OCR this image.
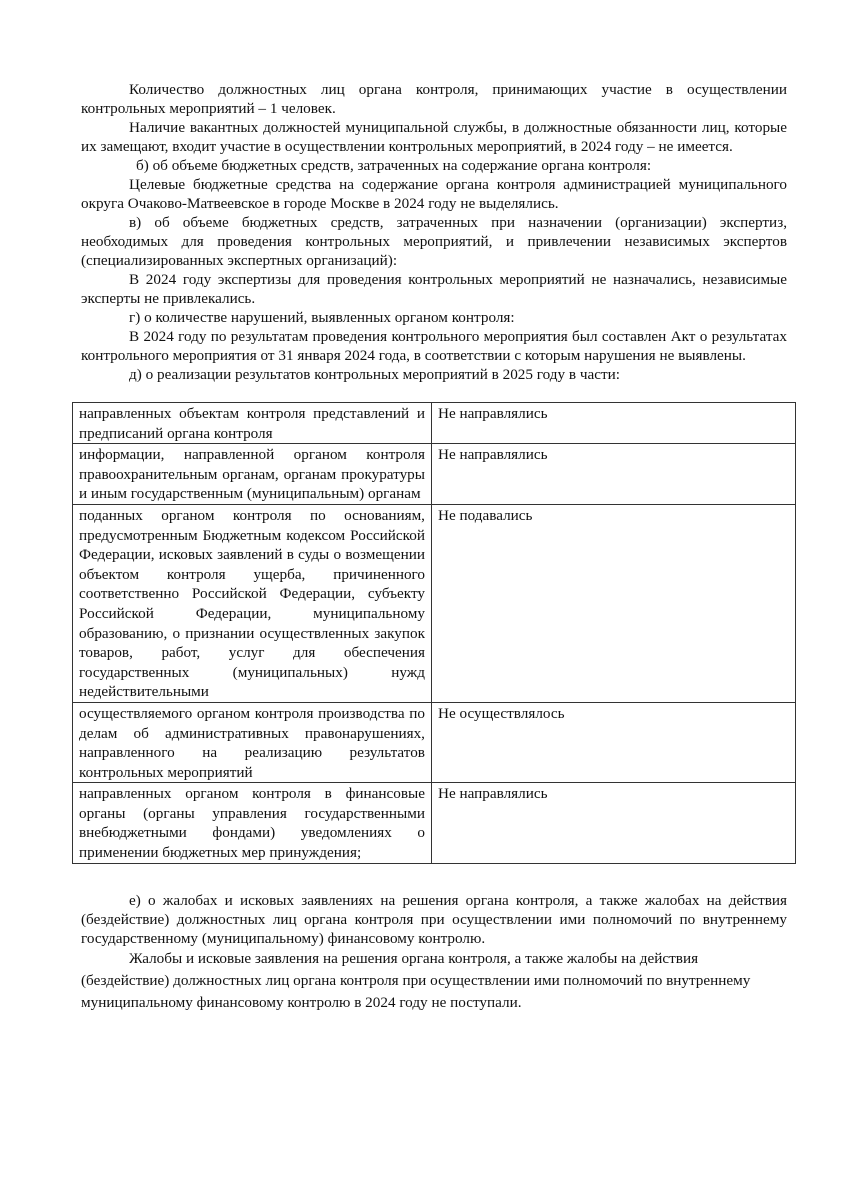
Количество должностных лиц органа контроля, принимающих участие в осуществлении контрольных мероприятий – 1 человек.

Наличие вакантных должностей муниципальной службы, в должностные обязанности лиц, которые их замещают, входит участие в осуществлении контрольных мероприятий, в 2024 году – не имеется.

б) об объеме бюджетных средств, затраченных на содержание органа контроля:

Целевые бюджетные средства на содержание органа контроля администрацией муниципального округа Очаково-Матвеевское в городе Москве в 2024 году не выделялись.

в) об объеме бюджетных средств, затраченных при назначении (организации) экспертиз, необходимых для проведения контрольных мероприятий, и привлечении независимых экспертов (специализированных экспертных организаций):

В 2024 году экспертизы для проведения контрольных мероприятий не назначались, независимые эксперты не привлекались.

г) о количестве нарушений, выявленных органом контроля:

В 2024 году по результатам проведения контрольного мероприятия был составлен Акт о результатах контрольного мероприятия от 31 января 2024 года, в соответствии с которым нарушения не выявлены.

д) о реализации результатов контрольных мероприятий в 2025 году в части:

направленных объектам контроля представлений и предписаний органа контроля	Не направлялись
информации, направленной органом контроля правоохранительным органам, органам прокуратуры и иным государственным (муниципальным) органам	Не направлялись
поданных органом контроля по основаниям, предусмотренным Бюджетным кодексом Российской Федерации, исковых заявлений в суды о возмещении объектом контроля ущерба, причиненного соответственно Российской Федерации, субъекту Российской Федерации, муниципальному образованию, о признании осуществленных закупок товаров, работ, услуг для обеспечения государственных (муниципальных) нужд недействительными	Не подавались
осуществляемого органом контроля производства по делам об административных правонарушениях, направленного на реализацию результатов контрольных мероприятий	Не осуществлялось
направленных органом контроля в финансовые органы (органы управления государственными внебюджетными фондами) уведомлениях о применении бюджетных мер принуждения;	Не направлялись

е) о жалобах и исковых заявлениях на решения органа контроля, а также жалобах на действия (бездействие) должностных лиц органа контроля при осуществлении ими полномочий по внутреннему государственному (муниципальному) финансовому контролю.

Жалобы и исковые заявления на решения органа контроля, а также жалобы на действия (бездействие) должностных лиц органа контроля при осуществлении ими полномочий по внутреннему муниципальному финансовому контролю в 2024 году не поступали.
